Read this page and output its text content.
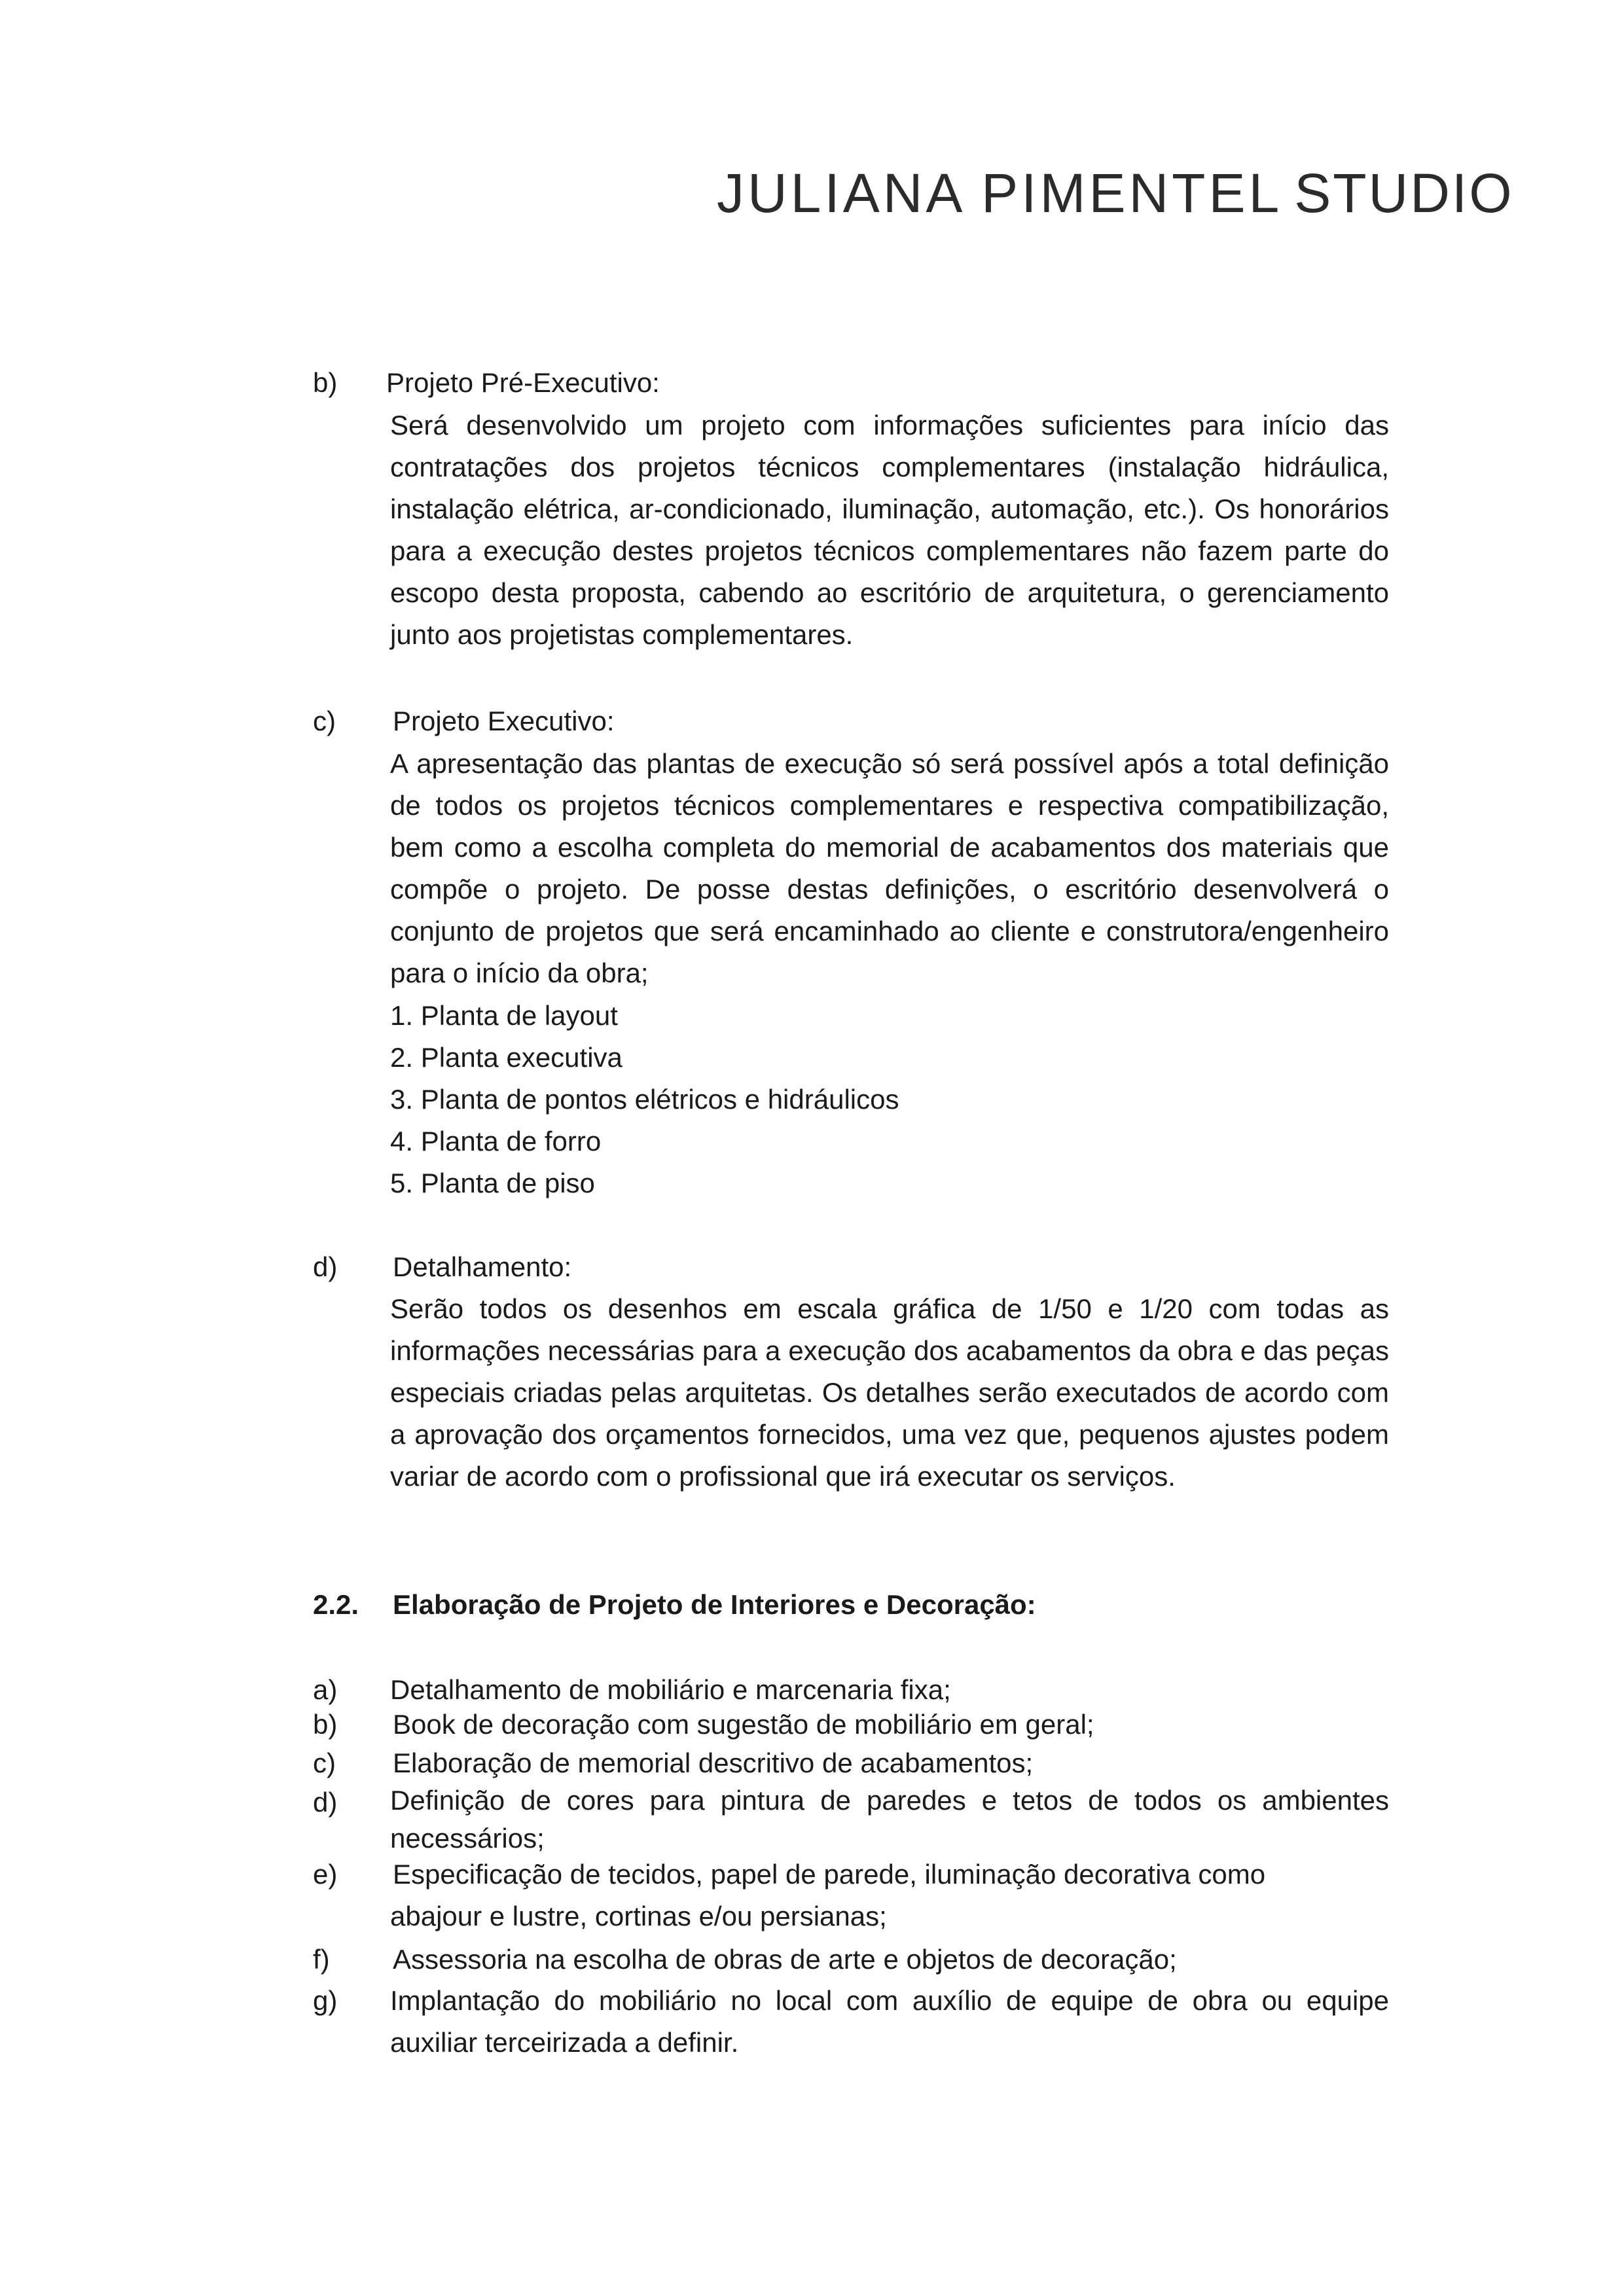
JULIANA PIMENTEL STUDIO
b) Projeto Pré-Executivo:

Será desenvolvido um projeto com informações suficientes para início das contratações dos projetos técnicos complementares (instalação hidráulica, instalação elétrica, ar-condicionado, iluminação, automação, etc.). Os honorários para a execução destes projetos técnicos complementares não fazem parte do escopo desta proposta, cabendo ao escritório de arquitetura, o gerenciamento junto aos projetistas complementares.

c) Projeto Executivo:

A apresentação das plantas de execução só será possível após a total definição de todos os projetos técnicos complementares e respectiva compatibilização, bem como a escolha completa do memorial de acabamentos dos materiais que compõe o projeto. De posse destas definições, o escritório desenvolverá o conjunto de projetos que será encaminhado ao cliente e construtora/engenheiro para o início da obra;

1. Planta de layout
2. Planta executiva
3. Planta de pontos elétricos e hidráulicos
4. Planta de forro
5. Planta de piso
d) Detalhamento:

Serão todos os desenhos em escala gráfica de 1/50 e 1/20 com todas as informações necessárias para a execução dos acabamentos da obra e das peças especiais criadas pelas arquitetas. Os detalhes serão executados de acordo com a aprovação dos orçamentos fornecidos, uma vez que, pequenos ajustes podem variar de acordo com o profissional que irá executar os serviços.

2.2. Elaboração de Projeto de Interiores e Decoração:
a) Detalhamento de mobiliário e marcenaria fixa;

b) Book de decoração com sugestão de mobiliário em geral;

c) Elaboração de memorial descritivo de acabamentos;

d) Definição de cores para pintura de paredes e tetos de todos os ambientes necessários;

e) Especificação de tecidos, papel de parede, iluminação decorativa como
abajour e lustre, cortinas e/ou persianas;
f) Assessoria na escolha de obras de arte e objetos de decoração;

g) Implantação do mobiliário no local com auxílio de equipe de obra ou equipe auxiliar terceirizada a definir.
